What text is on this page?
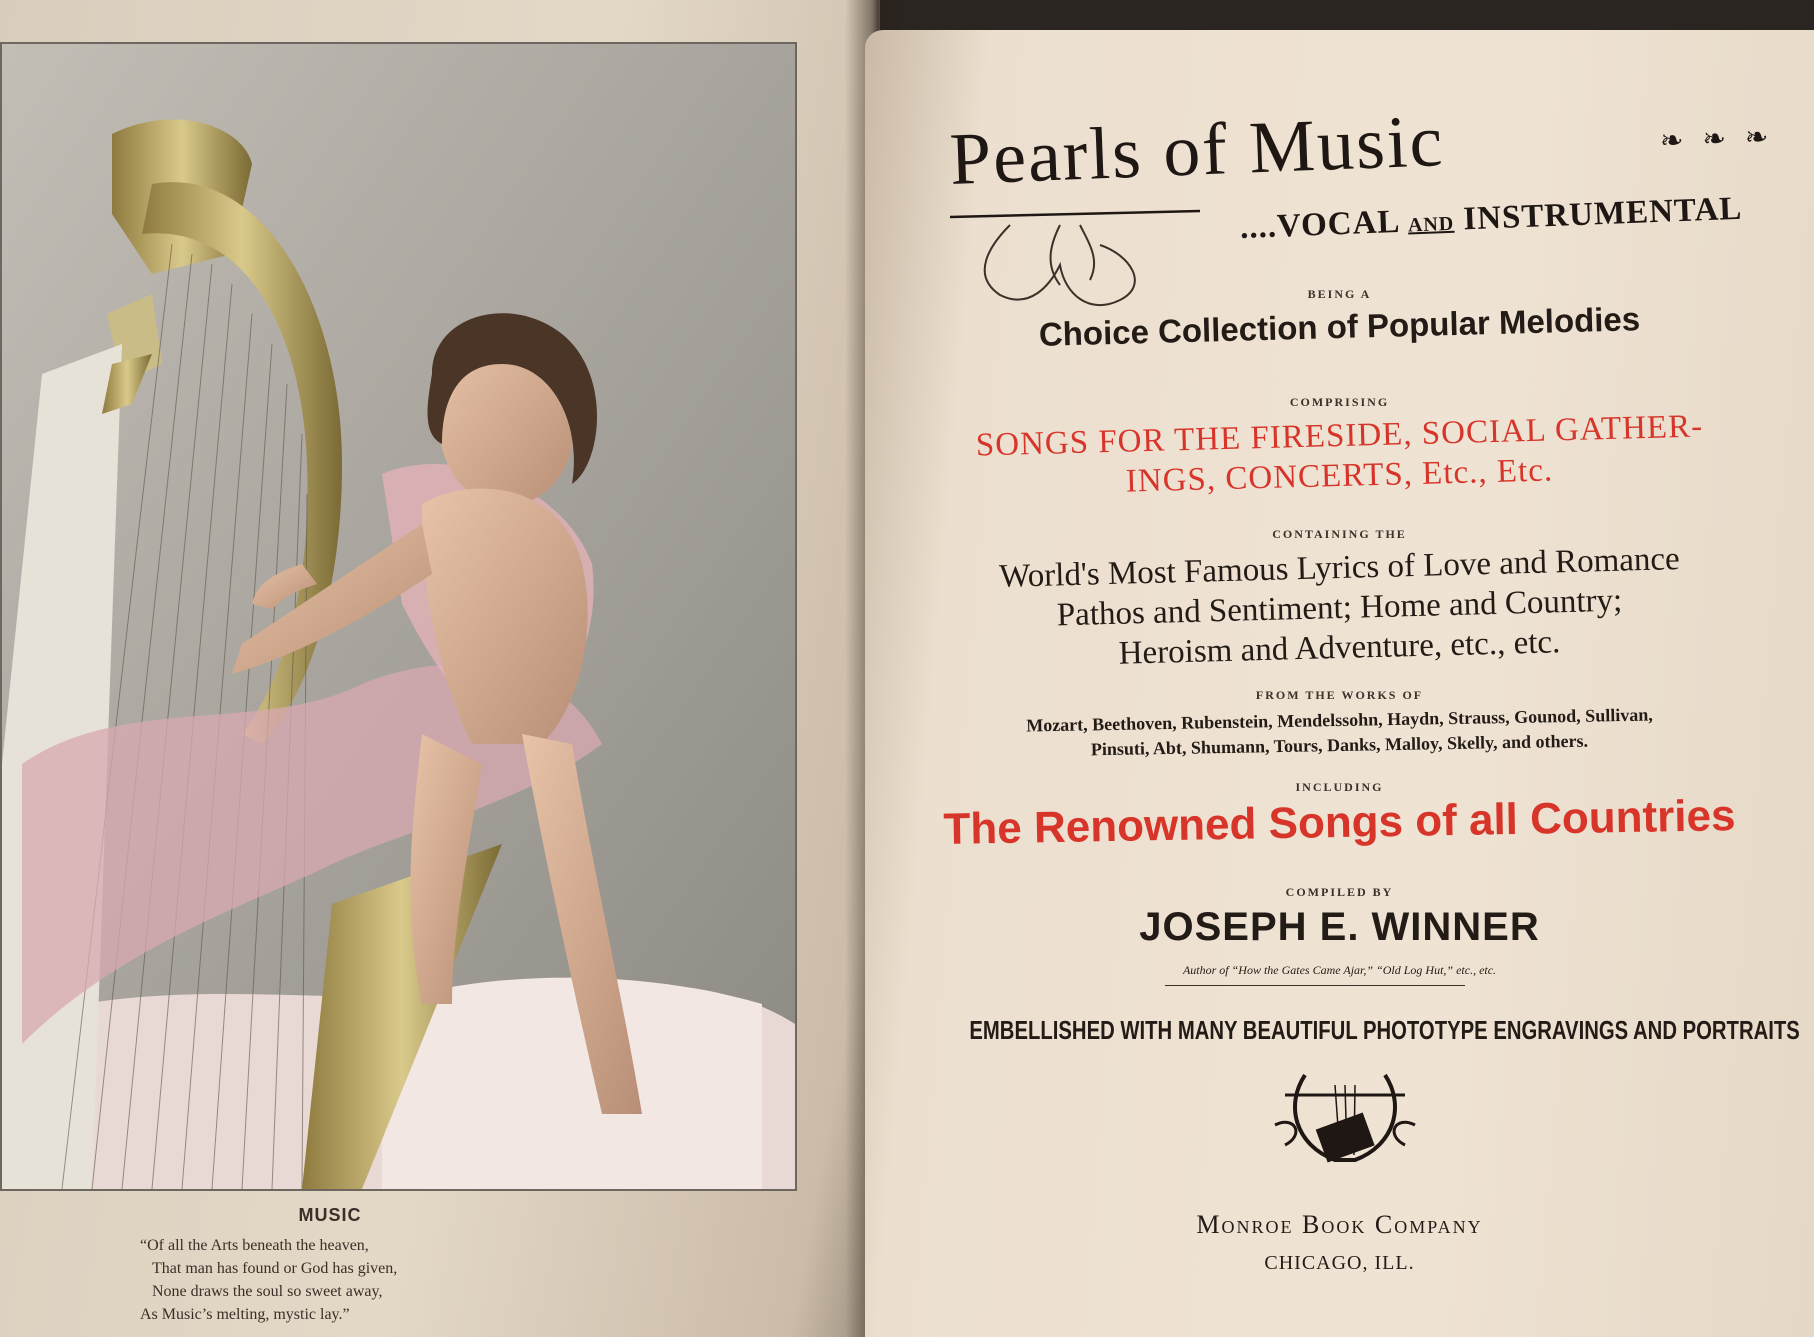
MUSIC
“Of all the Arts beneath the heaven,
That man has found or God has given,
None draws the soul so sweet away,
As Music’s melting, mystic lay.”
Pearls of Music	❧ ❧ ❧
....VOCAL AND INSTRUMENTAL
BEING A
Choice Collection of Popular Melodies
COMPRISING
SONGS FOR THE FIRESIDE, SOCIAL GATHER-
INGS, CONCERTS, Etc., Etc.
CONTAINING THE
World's Most Famous Lyrics of Love and Romance
Pathos and Sentiment; Home and Country;
Heroism and Adventure, etc., etc.
FROM THE WORKS OF
Mozart, Beethoven, Rubenstein, Mendelssohn, Haydn, Strauss, Gounod, Sullivan,
Pinsuti, Abt, Shumann, Tours, Danks, Malloy, Skelly, and others.
INCLUDING
The Renowned Songs of all Countries
COMPILED BY
JOSEPH E. WINNER
Author of “How the Gates Came Ajar,” “Old Log Hut,” etc., etc.
EMBELLISHED WITH MANY BEAUTIFUL PHOTOTYPE ENGRAVINGS AND PORTRAITS
Monroe Book Company
CHICAGO, ILL.
